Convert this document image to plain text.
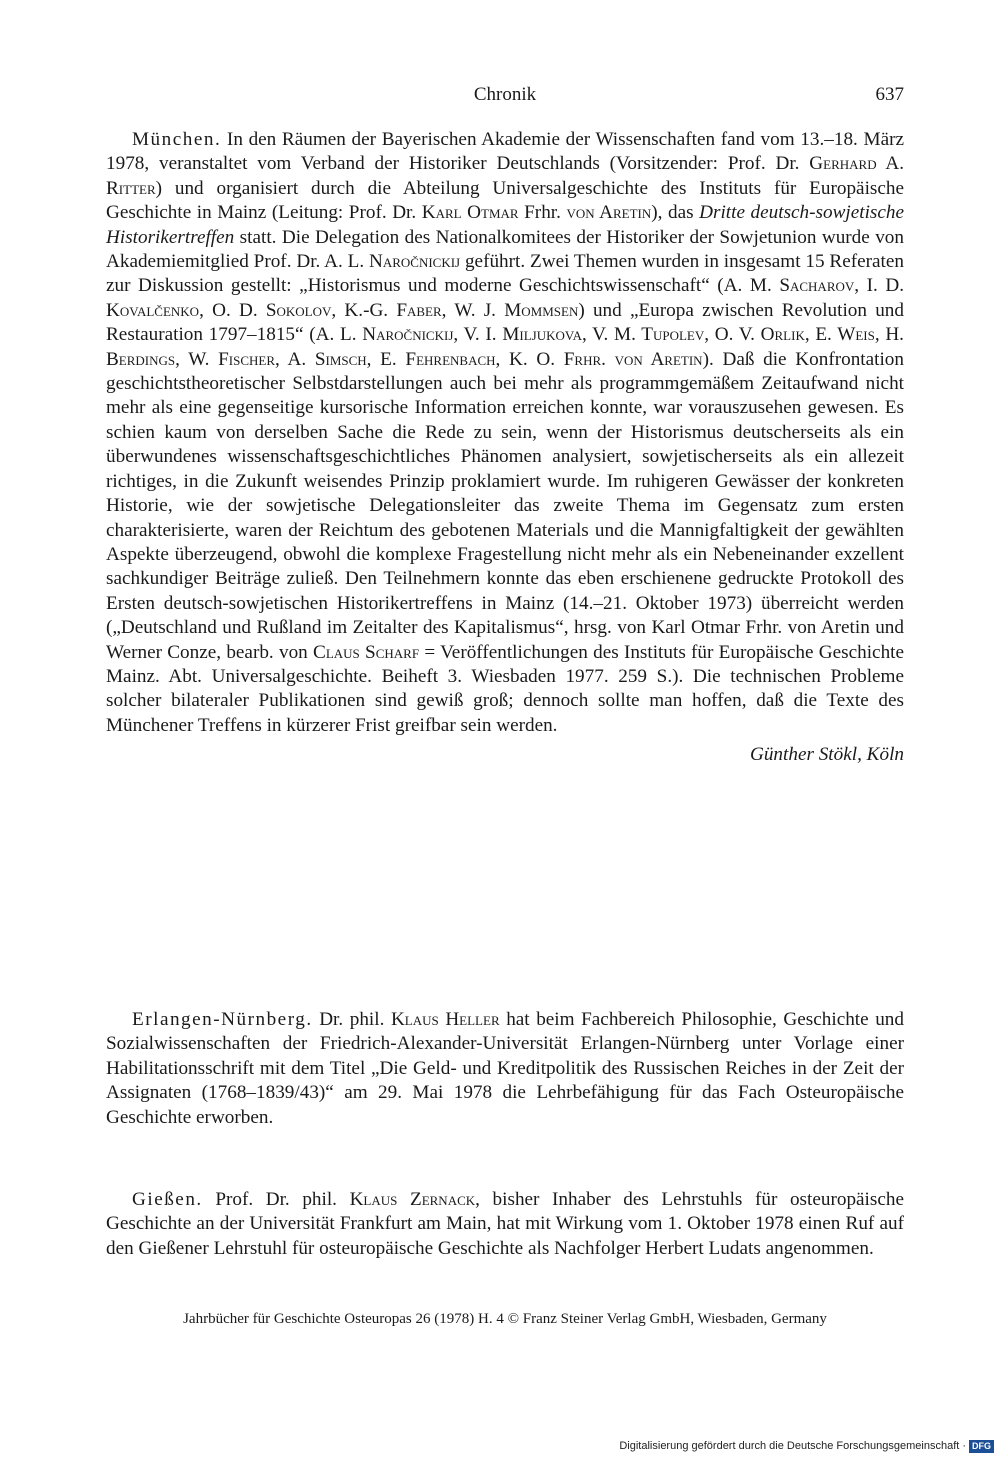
Chronik	637

München. In den Räumen der Bayerischen Akademie der Wissenschaften fand vom 13.–18. März 1978, veranstaltet vom Verband der Historiker Deutschlands (Vorsitzender: Prof. Dr. Gerhard A. Ritter) und organisiert durch die Abteilung Universalgeschichte des Instituts für Europäische Geschichte in Mainz (Leitung: Prof. Dr. Karl Otmar Frhr. von Aretin), das Dritte deutsch-sowjetische Historikertreffen statt. Die Delegation des Nationalkomitees der Historiker der Sowjetunion wurde von Akademiemitglied Prof. Dr. A. L. Naročnickij geführt. Zwei Themen wurden in insgesamt 15 Referaten zur Diskussion gestellt: „Historismus und moderne Geschichtswissenschaft“ (A. M. Sacharov, I. D. Kovalčenko, O. D. Sokolov, K.-G. Faber, W. J. Mommsen) und „Europa zwischen Revolution und Restauration 1797–1815“ (A. L. Naročnickij, V. I. Miljukova, V. M. Tupolev, O. V. Orlik, E. Weis, H. Berdings, W. Fischer, A. Simsch, E. Fehrenbach, K. O. Frhr. von Aretin). Daß die Konfrontation geschichtstheoretischer Selbstdarstellungen auch bei mehr als programmgemäßem Zeitaufwand nicht mehr als eine gegenseitige kursorische Information erreichen konnte, war vorauszusehen gewesen. Es schien kaum von derselben Sache die Rede zu sein, wenn der Historismus deutscherseits als ein überwundenes wissenschaftsgeschichtliches Phänomen analysiert, sowjetischerseits als ein allezeit richtiges, in die Zukunft weisendes Prinzip proklamiert wurde. Im ruhigeren Gewässer der konkreten Historie, wie der sowjetische Delegationsleiter das zweite Thema im Gegensatz zum ersten charakterisierte, waren der Reichtum des gebotenen Materials und die Mannigfaltigkeit der gewählten Aspekte überzeugend, obwohl die komplexe Fragestellung nicht mehr als ein Nebeneinander exzellent sachkundiger Beiträge zuließ. Den Teilnehmern konnte das eben erschienene gedruckte Protokoll des Ersten deutsch-sowjetischen Historikertreffens in Mainz (14.–21. Oktober 1973) überreicht werden („Deutschland und Rußland im Zeitalter des Kapitalismus“, hrsg. von Karl Otmar Frhr. von Aretin und Werner Conze, bearb. von Claus Scharf = Veröffentlichungen des Instituts für Europäische Geschichte Mainz. Abt. Universalgeschichte. Beiheft 3. Wiesbaden 1977. 259 S.). Die technischen Probleme solcher bilateraler Publikationen sind gewiß groß; dennoch sollte man hoffen, daß die Texte des Münchener Treffens in kürzerer Frist greifbar sein werden.

Günther Stökl, Köln

Erlangen-Nürnberg. Dr. phil. Klaus Heller hat beim Fachbereich Philosophie, Geschichte und Sozialwissenschaften der Friedrich-Alexander-Universität Erlangen-Nürnberg unter Vorlage einer Habilitationsschrift mit dem Titel „Die Geld- und Kreditpolitik des Russischen Reiches in der Zeit der Assignaten (1768–1839/43)“ am 29. Mai 1978 die Lehrbefähigung für das Fach Osteuropäische Geschichte erworben.

Gießen. Prof. Dr. phil. Klaus Zernack, bisher Inhaber des Lehrstuhls für osteuropäische Geschichte an der Universität Frankfurt am Main, hat mit Wirkung vom 1. Oktober 1978 einen Ruf auf den Gießener Lehrstuhl für osteuropäische Geschichte als Nachfolger Herbert Ludats angenommen.

Jahrbücher für Geschichte Osteuropas 26 (1978) H. 4 © Franz Steiner Verlag GmbH, Wiesbaden, Germany
Digitalisierung gefördert durch die Deutsche Forschungsgemeinschaft · DFG
